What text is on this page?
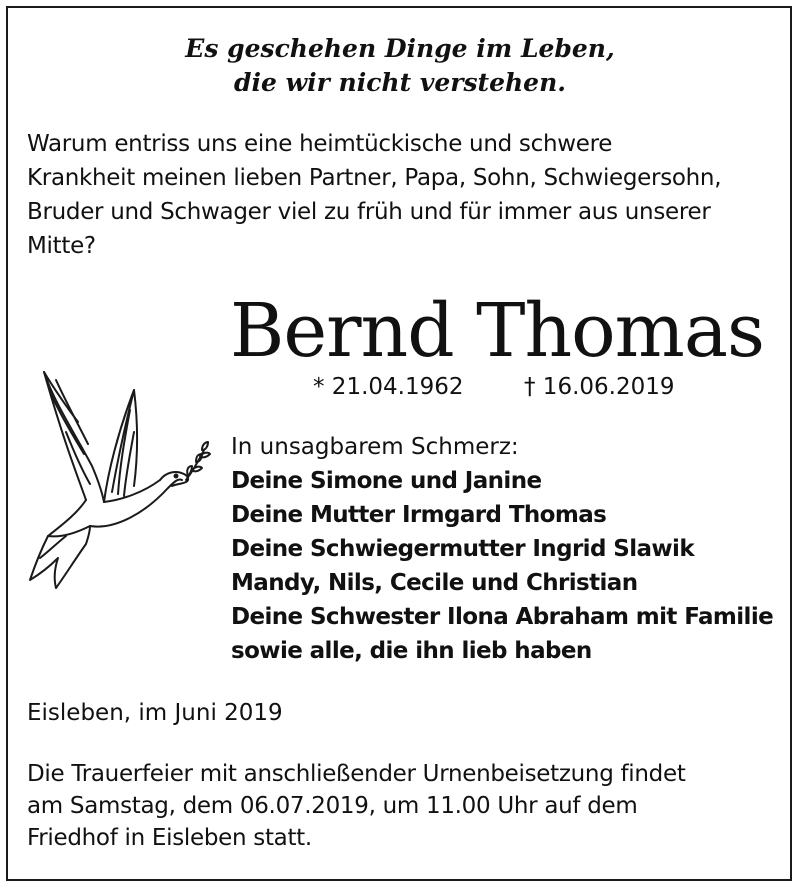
Es geschehen Dinge im Leben,
die wir nicht verstehen.
Warum entriss uns eine heimtückische und schwere
Krankheit meinen lieben Partner, Papa, Sohn, Schwiegersohn,
Bruder und Schwager viel zu früh und für immer aus unserer
Mitte?
Bernd Thomas
* 21.04.1962	† 16.06.2019
In unsagbarem Schmerz:
Deine Simone und Janine
Deine Mutter Irmgard Thomas
Deine Schwiegermutter Ingrid Slawik
Mandy, Nils, Cecile und Christian
Deine Schwester Ilona Abraham mit Familie
sowie alle, die ihn lieb haben
Eisleben, im Juni 2019
Die Trauerfeier mit anschließender Urnenbeisetzung findet
am Samstag, dem 06.07.2019, um 11.00 Uhr auf dem
Friedhof in Eisleben statt.
